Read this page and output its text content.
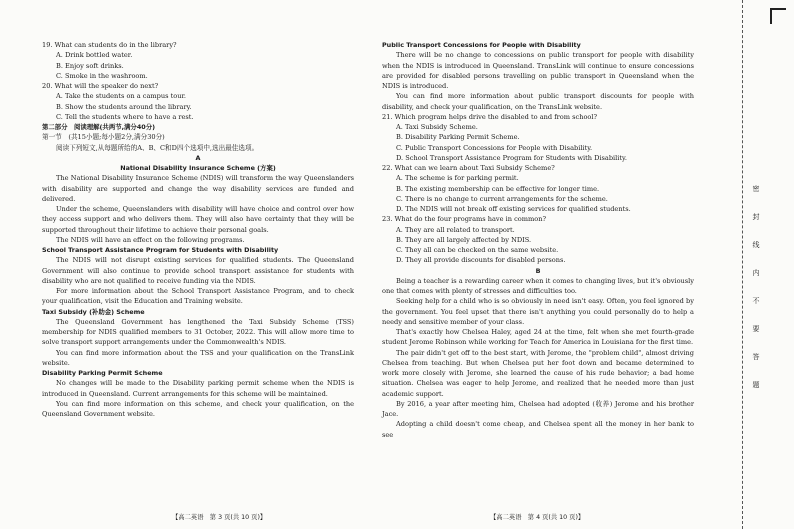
19. What can students do in the library?

A. Drink bottled water.

B. Enjoy soft drinks.

C. Smoke in the washroom.

20. What will the speaker do next?

A. Take the students on a campus tour.

B. Show the students around the library.

C. Tell the students where to have a rest.

第二部分　阅读理解(共两节,满分40分)

第一节　(共15小题;每小题2分,满分30分)

阅读下列短文,从每题所给的A、B、C和D四个选项中,选出最佳选项。

A

National Disability Insurance Scheme (方案)

The National Disability Insurance Scheme (NDIS) will transform the way Queenslanders with disability are supported and change the way disability services are funded and delivered.

Under the scheme, Queenslanders with disability will have choice and control over how they access support and who delivers them. They will also have certainty that they will be supported throughout their lifetime to achieve their personal goals.

The NDIS will have an effect on the following programs.

School Transport Assistance Program for Students with Disability

The NDIS will not disrupt existing services for qualified students. The Queensland Government will also continue to provide school transport assistance for students with disability who are not qualified to receive funding via the NDIS.

For more information about the School Transport Assistance Program, and to check your qualification, visit the Education and Training website.

Taxi Subsidy (补助金) Scheme

The Queensland Government has lengthened the Taxi Subsidy Scheme (TSS) membership for NDIS qualified members to 31 October, 2022. This will allow more time to solve transport support arrangements under the Commonwealth's NDIS.

You can find more information about the TSS and your qualification on the TransLink website.

Disability Parking Permit Scheme

No changes will be made to the Disability parking permit scheme when the NDIS is introduced in Queensland. Current arrangements for this scheme will be maintained.

You can find more information on this scheme, and check your qualification, on the Queensland Government website.

Public Transport Concessions for People with Disability

There will be no change to concessions on public transport for people with disability when the NDIS is introduced in Queensland. TransLink will continue to ensure concessions are provided for disabled persons travelling on public transport in Queensland when the NDIS is introduced.

You can find more information about public transport discounts for people with disability, and check your qualification, on the TransLink website.

21. Which program helps drive the disabled to and from school?

A. Taxi Subsidy Scheme.

B. Disability Parking Permit Scheme.

C. Public Transport Concessions for People with Disability.

D. School Transport Assistance Program for Students with Disability.

22. What can we learn about Taxi Subsidy Scheme?

A. The scheme is for parking permit.

B. The existing membership can be effective for longer time.

C. There is no change to current arrangements for the scheme.

D. The NDIS will not break off existing services for qualified students.

23. What do the four programs have in common?

A. They are all related to transport.

B. They are all largely affected by NDIS.

C. They all can be checked on the same website.

D. They all provide discounts for disabled persons.

B

Being a teacher is a rewarding career when it comes to changing lives, but it's obviously one that comes with plenty of stresses and difficulties too.

Seeking help for a child who is so obviously in need isn't easy. Often, you feel ignored by the government. You feel upset that there isn't anything you could personally do to help a needy and sensitive member of your class.

That's exactly how Chelsea Haley, aged 24 at the time, felt when she met fourth-grade student Jerome Robinson while working for Teach for America in Louisiana for the first time.

The pair didn't get off to the best start, with Jerome, the "problem child", almost driving Chelsea from teaching. But when Chelsea put her foot down and became determined to work more closely with Jerome, she learned the cause of his rude behavior; a bad home situation. Chelsea was eager to help Jerome, and realized that he needed more than just academic support.

By 2016, a year after meeting him, Chelsea had adopted (收养) Jerome and his brother Jace.

Adopting a child doesn't come cheap, and Chelsea spent all the money in her bank to see

【高二英语　第 3 页(共 10 页)】	【高二英语　第 4 页(共 10 页)】
密
封
线
内
不
要
答
题
